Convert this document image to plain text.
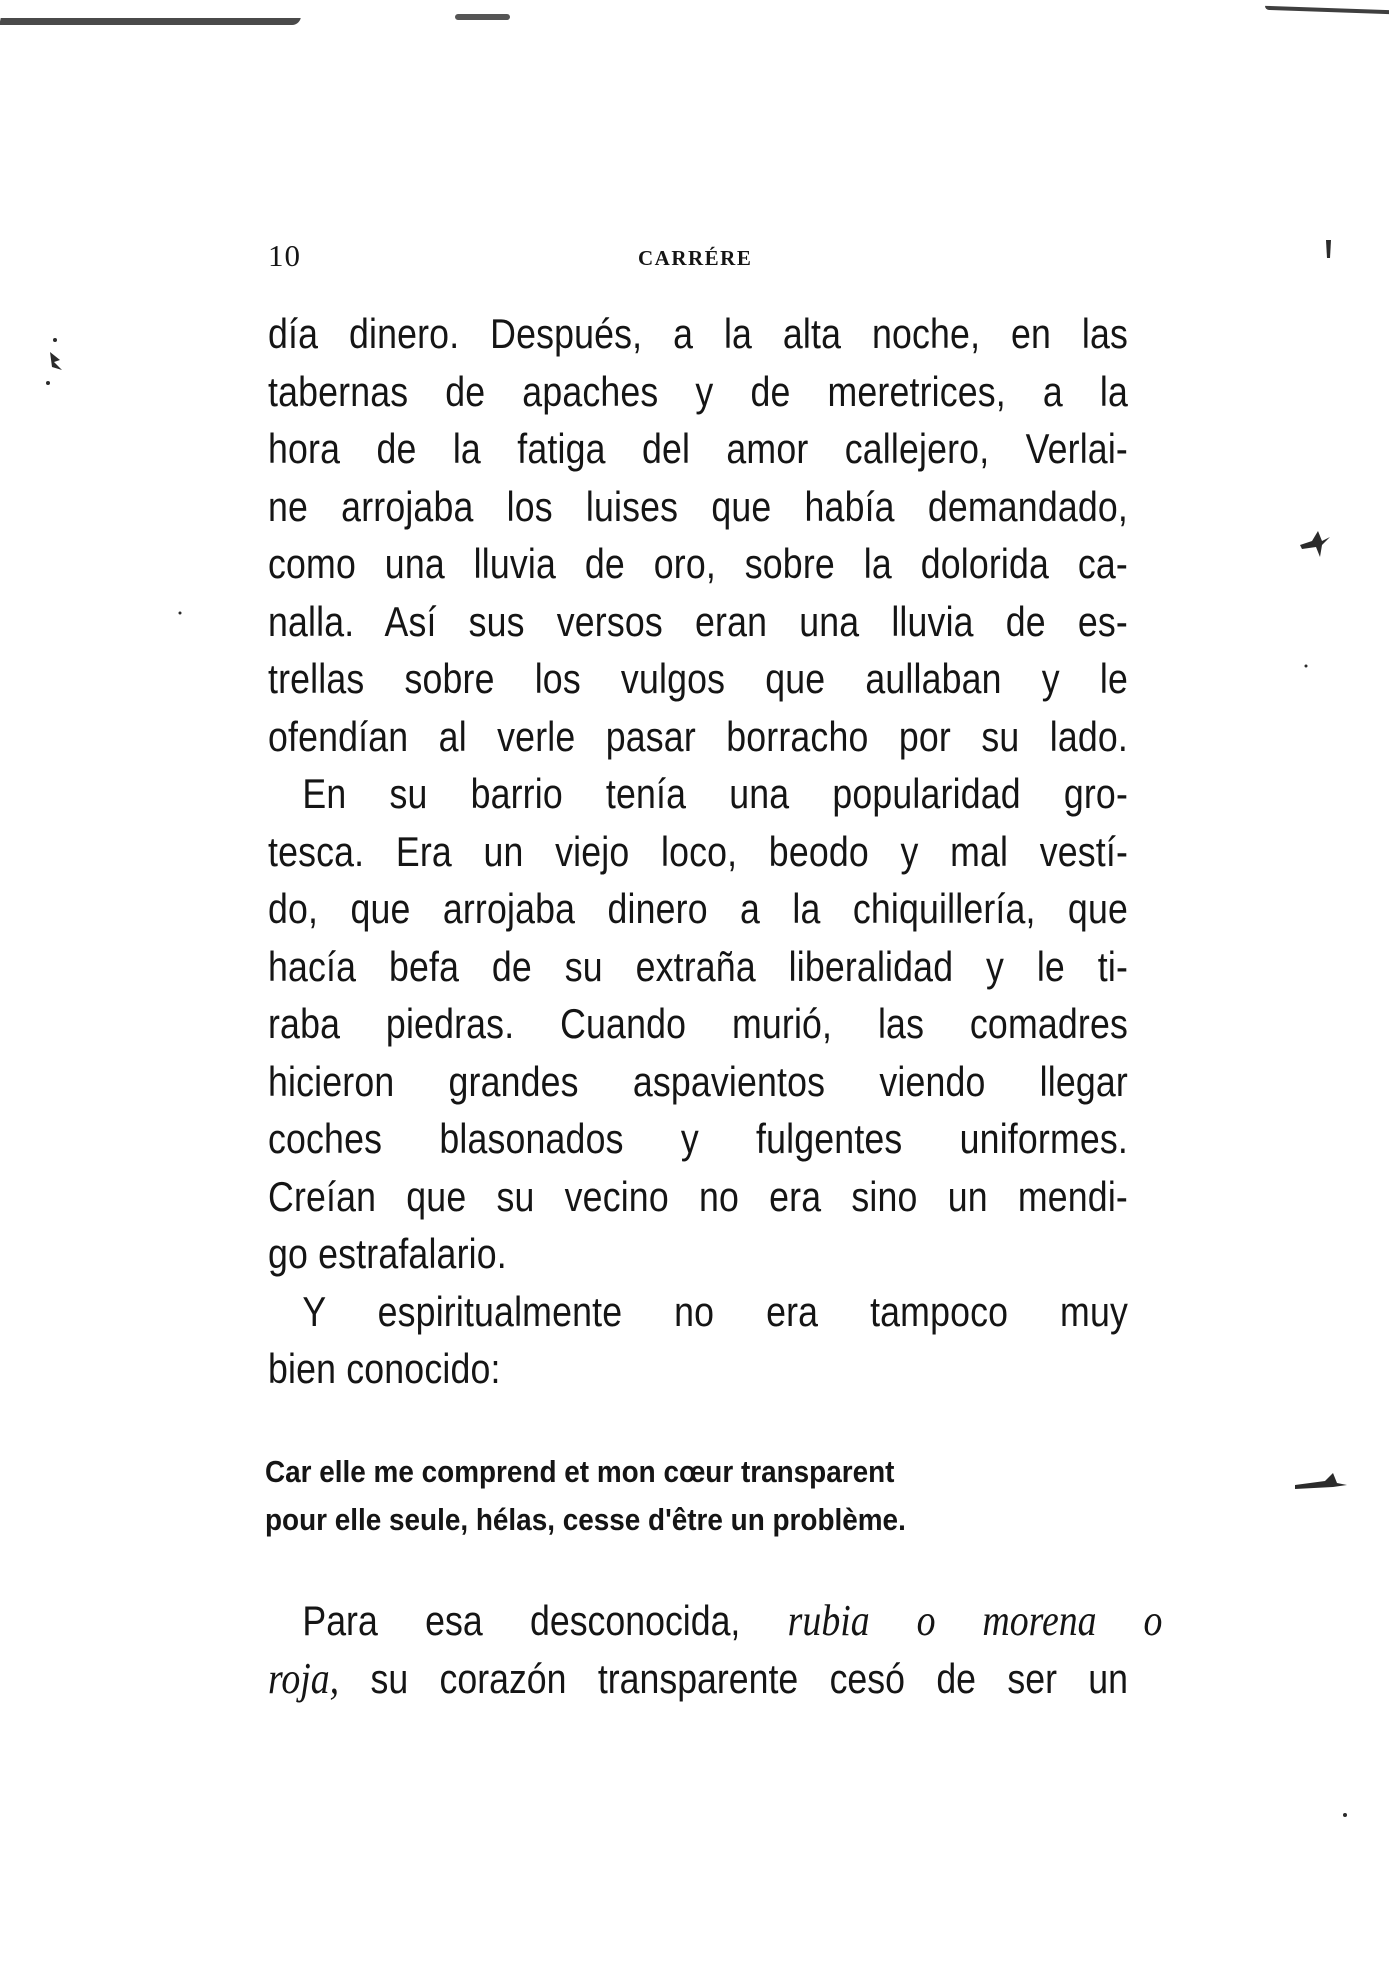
10	CARRÉRE
día dinero. Después, a la alta noche, en las
tabernas de apaches y de meretrices, a la
hora de la fatiga del amor callejero, Verlai-
ne arrojaba los luises que había demandado,
como una lluvia de oro, sobre la dolorida ca-
nalla. Así sus versos eran una lluvia de es-
trellas sobre los vulgos que aullaban y le
ofendían al verle pasar borracho por su lado.
En su barrio tenía una popularidad gro-
tesca. Era un viejo loco, beodo y mal vestí-
do, que arrojaba dinero a la chiquillería, que
hacía befa de su extraña liberalidad y le ti-
raba piedras. Cuando murió, las comadres
hicieron grandes aspavientos viendo llegar
coches blasonados y fulgentes uniformes.
Creían que su vecino no era sino un mendi-
go estrafalario.
Y espiritualmente no era tampoco muy
bien conocido:
Car elle me comprend et mon cœur transparent
pour elle seule, hélas, cesse d'être un problème.
Para esa desconocida, rubia o morena o
roja, su corazón transparente cesó de ser un
